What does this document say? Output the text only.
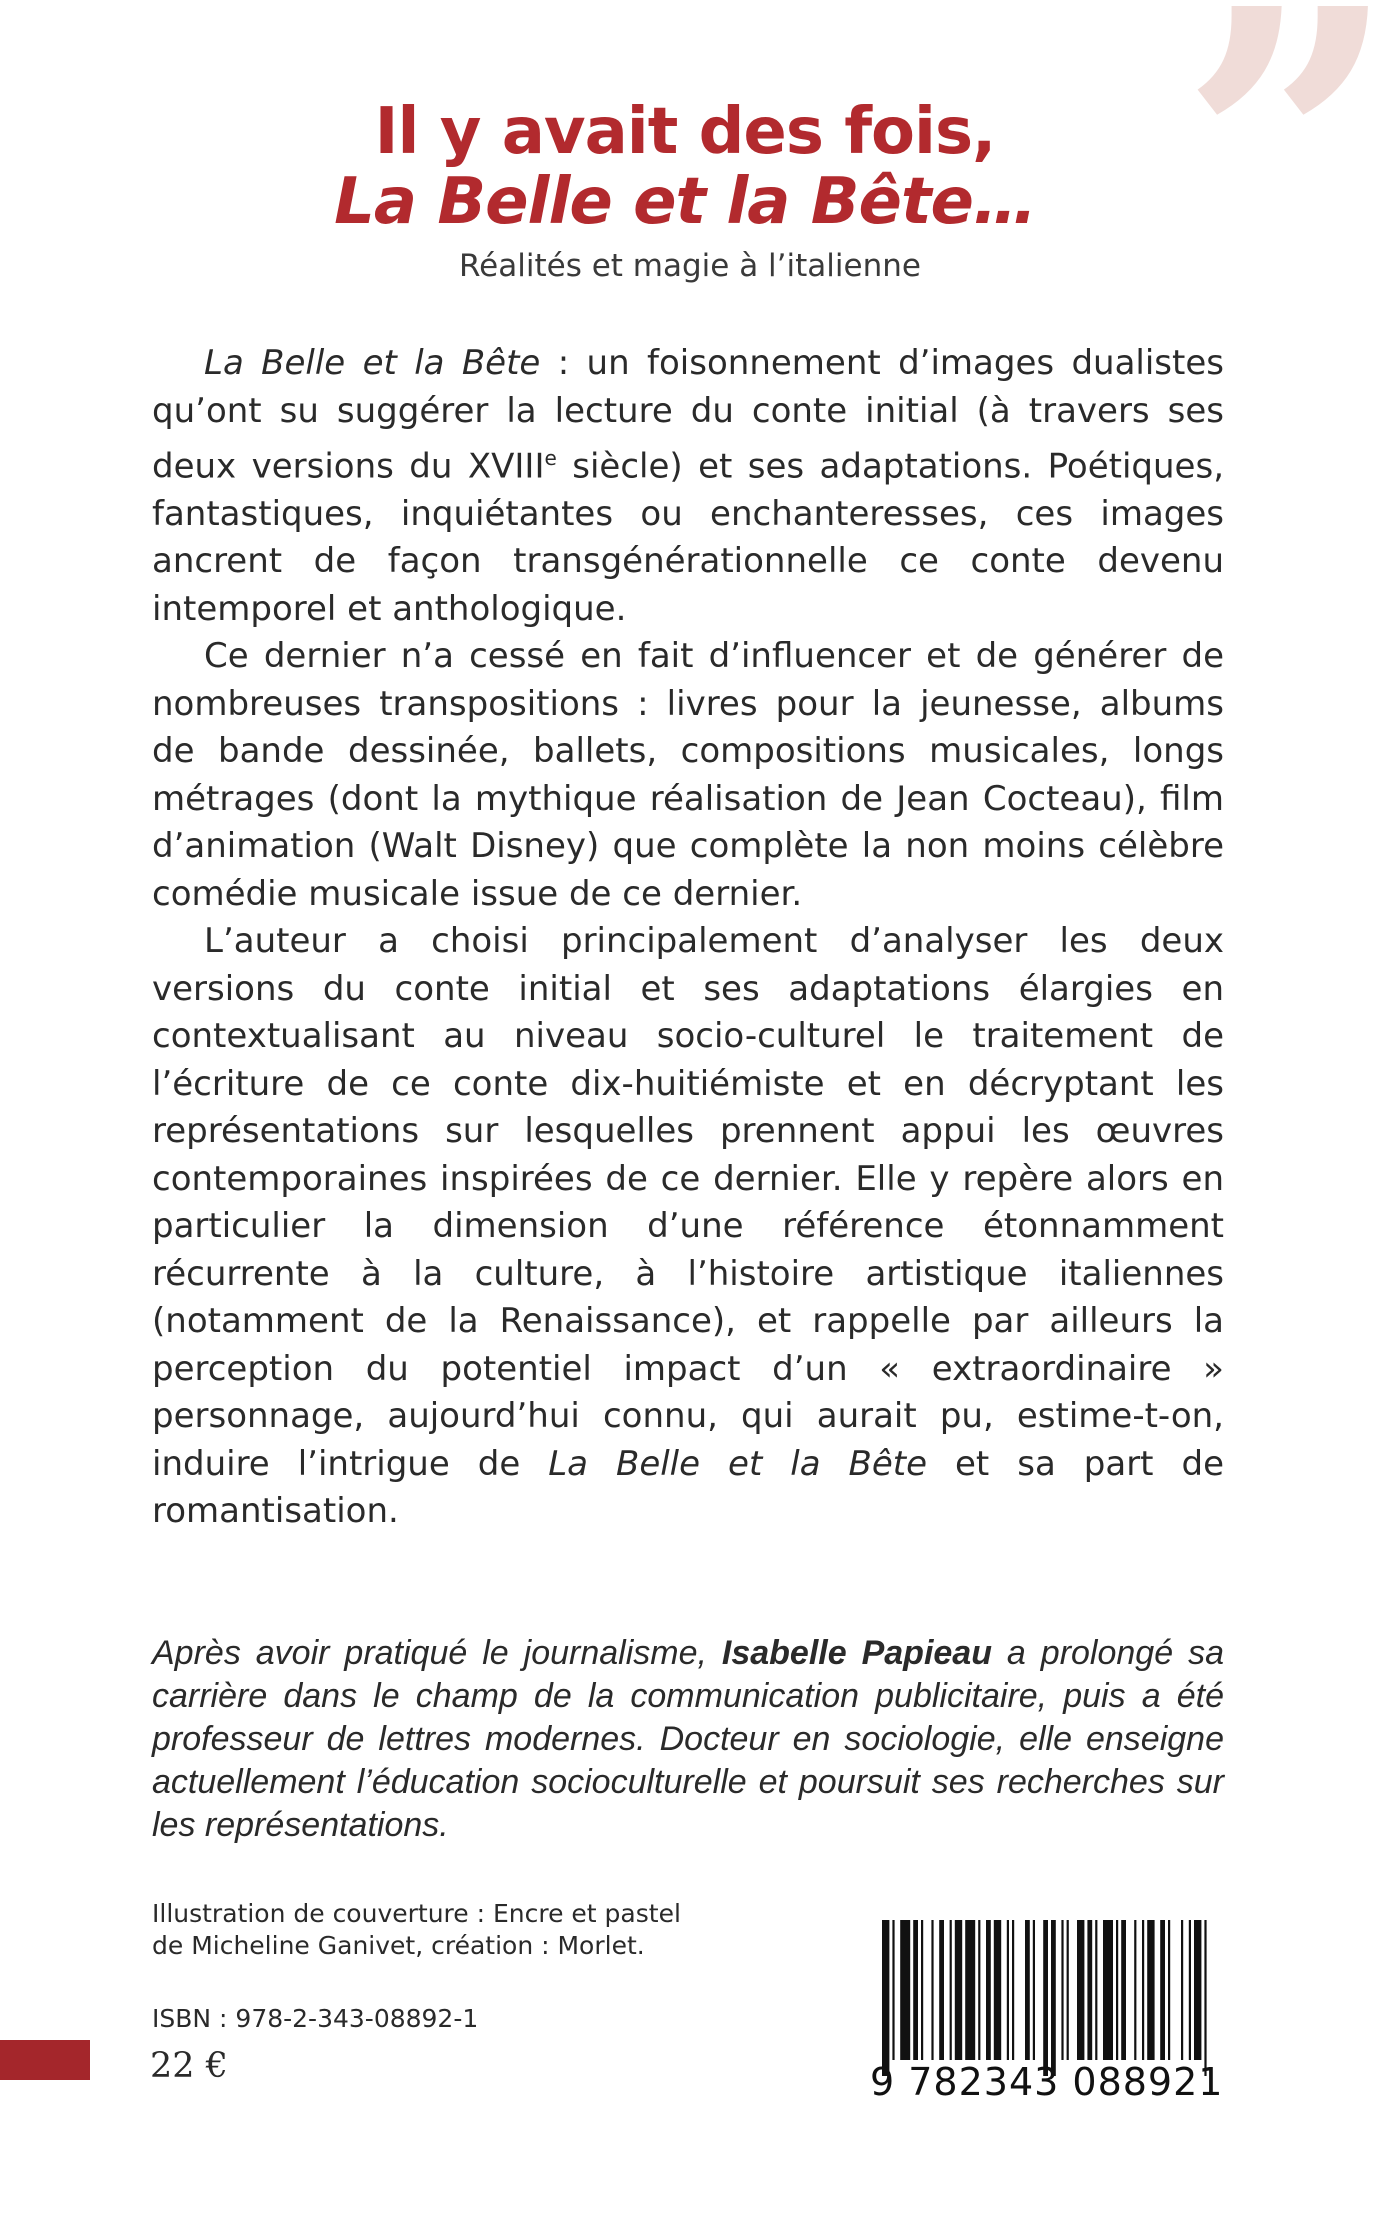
”
Il y avait des fois,
La Belle et la Bête…
Réalités et magie à l’italienne

La Belle et la Bête : un foisonnement d’images dualistes qu’ont su suggérer la lecture du conte initial (à travers ses deux versions du XVIIIe siècle) et ses adaptations. Poétiques, fantastiques, inquiétantes ou enchanteresses, ces images ancrent de façon transgénérationnelle ce conte devenu intemporel et anthologique.

Ce dernier n’a cessé en fait d’influencer et de générer de nombreuses transpositions : livres pour la jeunesse, albums de bande dessinée, ballets, compositions musicales, longs métrages (dont la mythique réalisation de Jean Cocteau), film d’animation (Walt Disney) que complète la non moins célèbre comédie musicale issue de ce dernier.

L’auteur a choisi principalement d’analyser les deux versions du conte initial et ses adaptations élargies en contextualisant au niveau socio-culturel le traitement de l’écriture de ce conte dix-huitiémiste et en décryptant les représentations sur lesquelles prennent appui les œuvres contemporaines inspirées de ce dernier. Elle y repère alors en particulier la dimension d’une référence étonnamment récurrente à la culture, à l’histoire artistique italiennes (notamment de la Renaissance), et rappelle par ailleurs la perception du potentiel impact d’un « extraordinaire » personnage, aujourd’hui connu, qui aurait pu, estime-t-on, induire l’intrigue de La Belle et la Bête et sa part de romantisation.

Après avoir pratiqué le journalisme, Isabelle Papieau a prolongé sa carrière dans le champ de la communication publicitaire, puis a été professeur de lettres modernes. Docteur en sociologie, elle enseigne actuellement l’éducation socioculturelle et poursuit ses recherches sur les représentations.
Illustration de couverture : Encre et pastel
de Micheline Ganivet, création : Morlet.
ISBN : 978-2-343-08892-1
22 €	9 782343 088921
